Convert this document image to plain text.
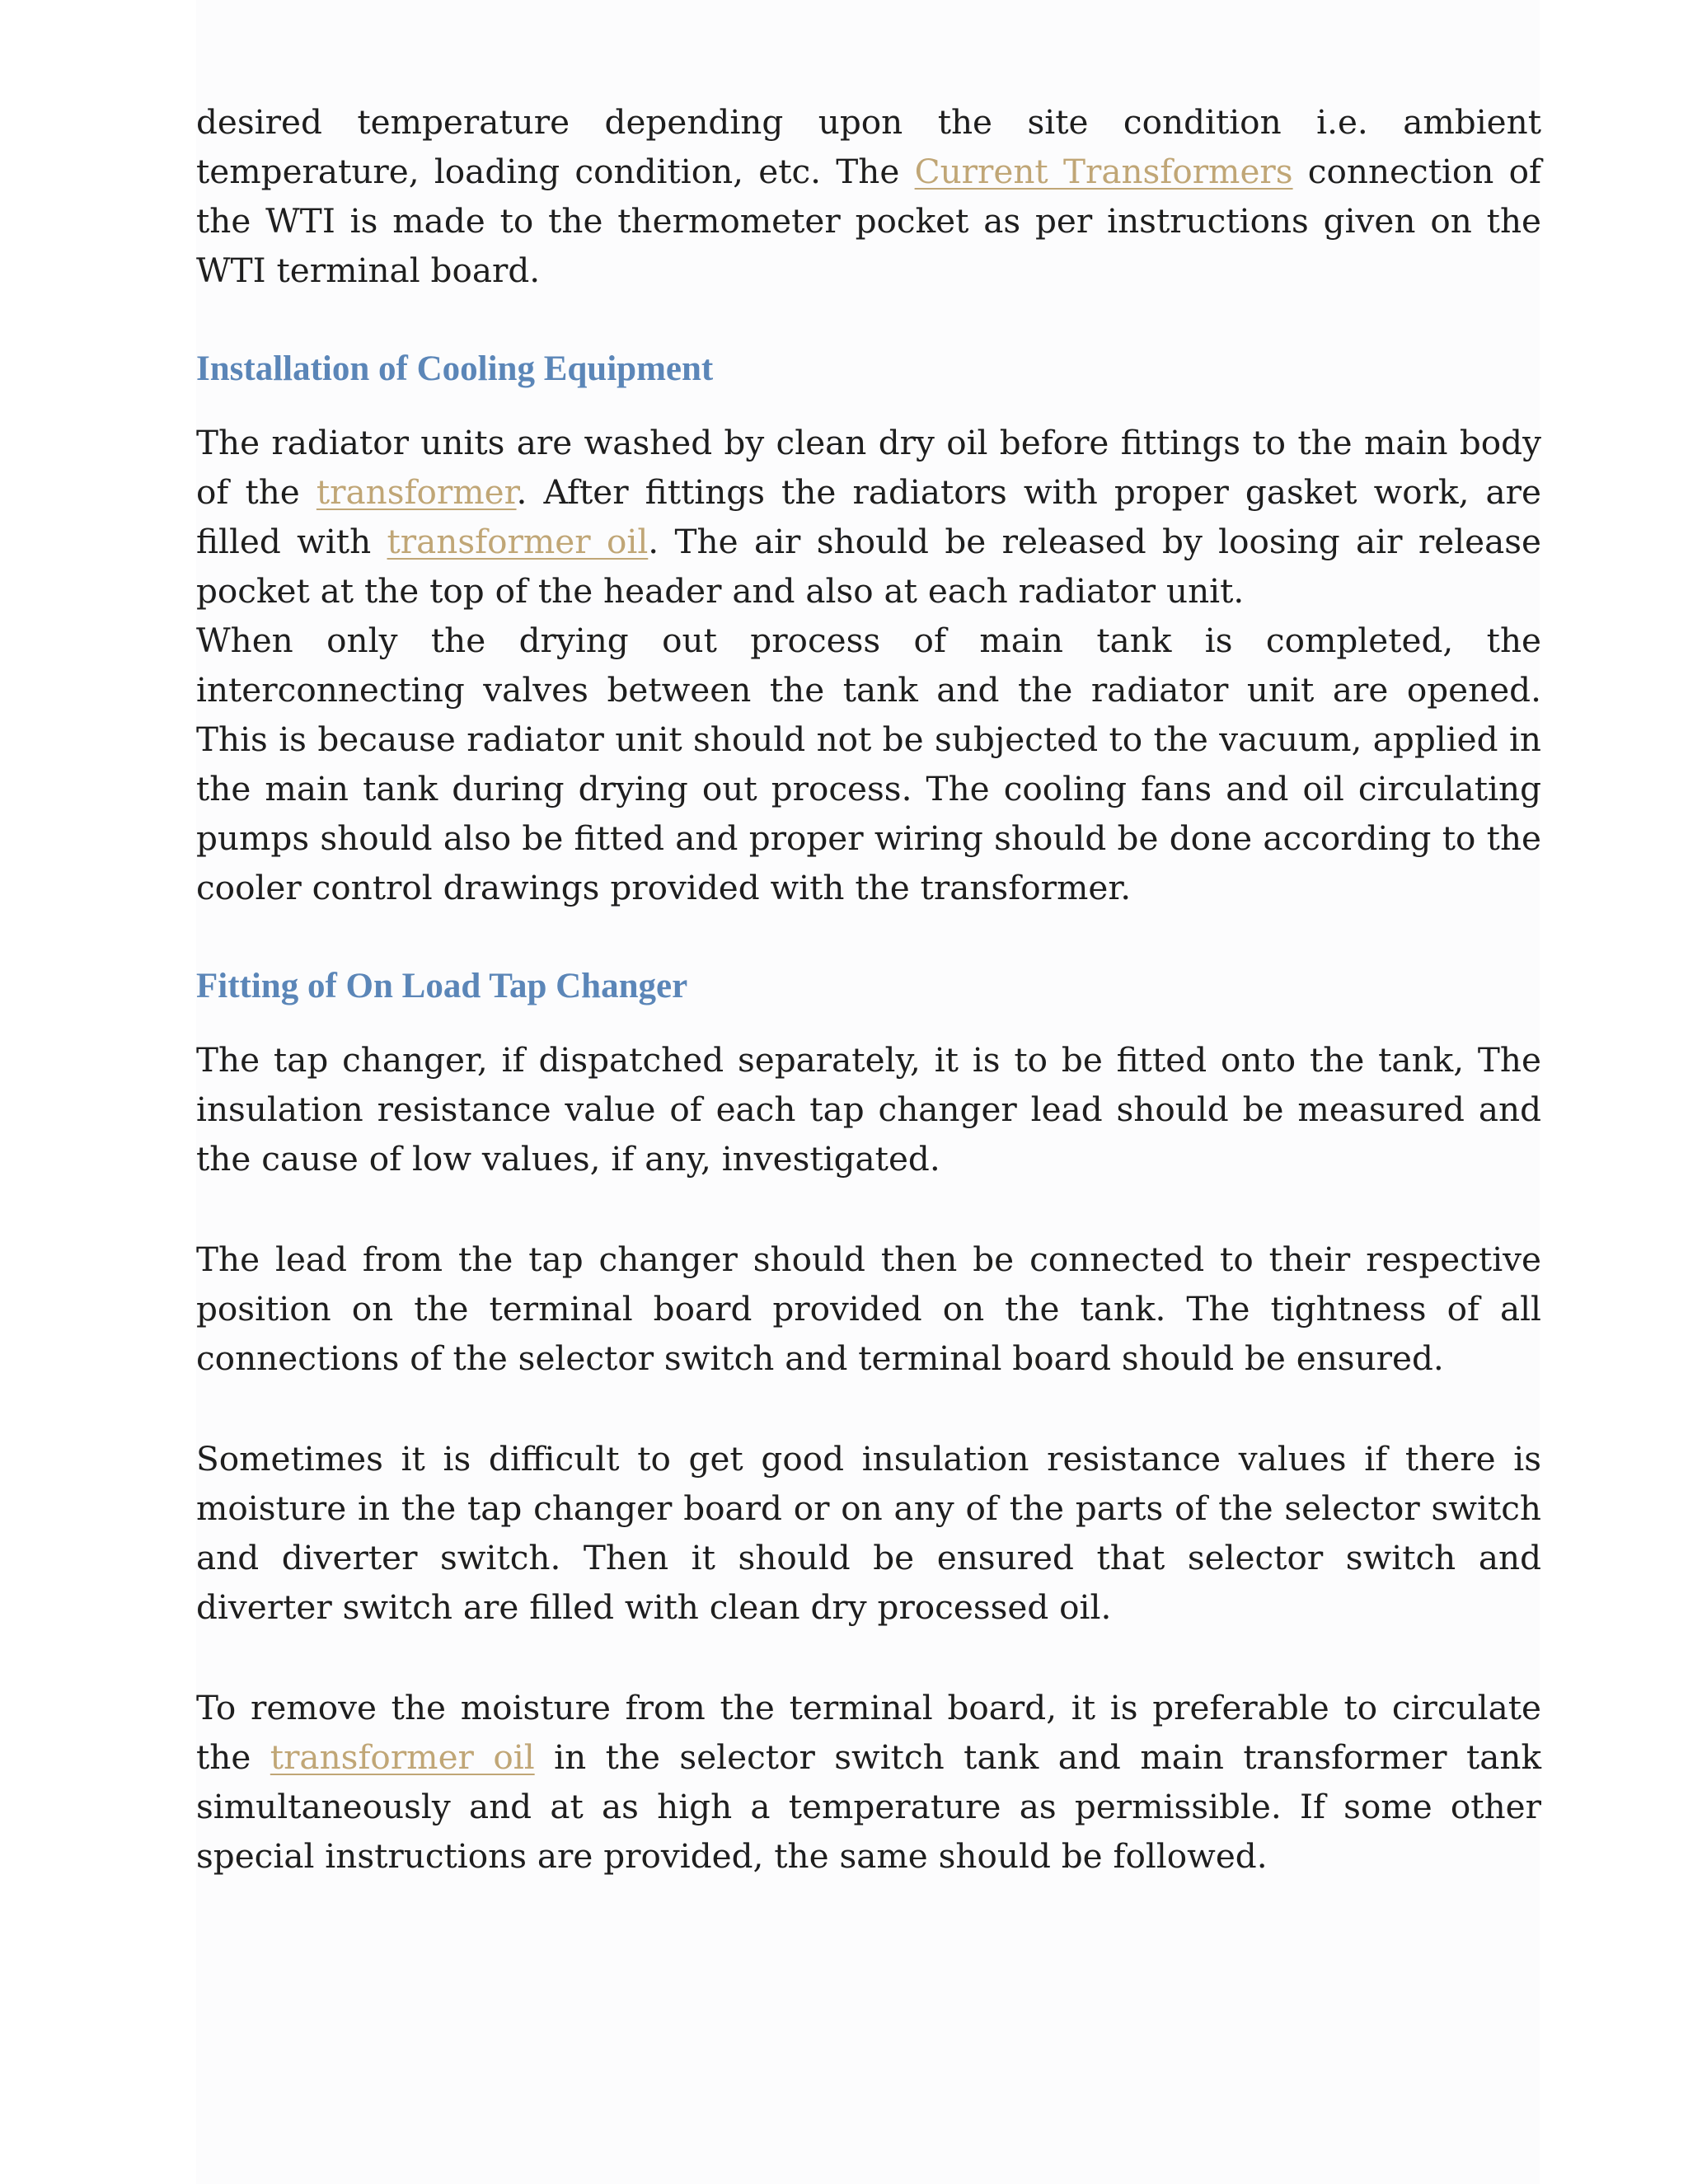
desired temperature depending upon the site condition i.e. ambient temperature, loading condition, etc. The Current Transformers connection of the WTI is made to the thermometer pocket as per instructions given on the WTI terminal board.

Installation of Cooling Equipment

The radiator units are washed by clean dry oil before fittings to the main body of the transformer. After fittings the radiators with proper gasket work, are filled with transformer oil. The air should be released by loosing air release pocket at the top of the header and also at each radiator unit.

When only the drying out process of main tank is completed, the interconnecting valves between the tank and the radiator unit are opened. This is because radiator unit should not be subjected to the vacuum, applied in the main tank during drying out process. The cooling fans and oil circulating pumps should also be fitted and proper wiring should be done according to the cooler control drawings provided with the transformer.

Fitting of On Load Tap Changer

The tap changer, if dispatched separately, it is to be fitted onto the tank, The insulation resistance value of each tap changer lead should be measured and the cause of low values, if any, investigated.

The lead from the tap changer should then be connected to their respective position on the terminal board provided on the tank. The tightness of all connections of the selector switch and terminal board should be ensured.

Sometimes it is difficult to get good insulation resistance values if there is moisture in the tap changer board or on any of the parts of the selector switch and diverter switch. Then it should be ensured that selector switch and diverter switch are filled with clean dry processed oil.

To remove the moisture from the terminal board, it is preferable to circulate the transformer oil in the selector switch tank and main transformer tank simultaneously and at as high a temperature as permissible. If some other special instructions are provided, the same should be followed.
